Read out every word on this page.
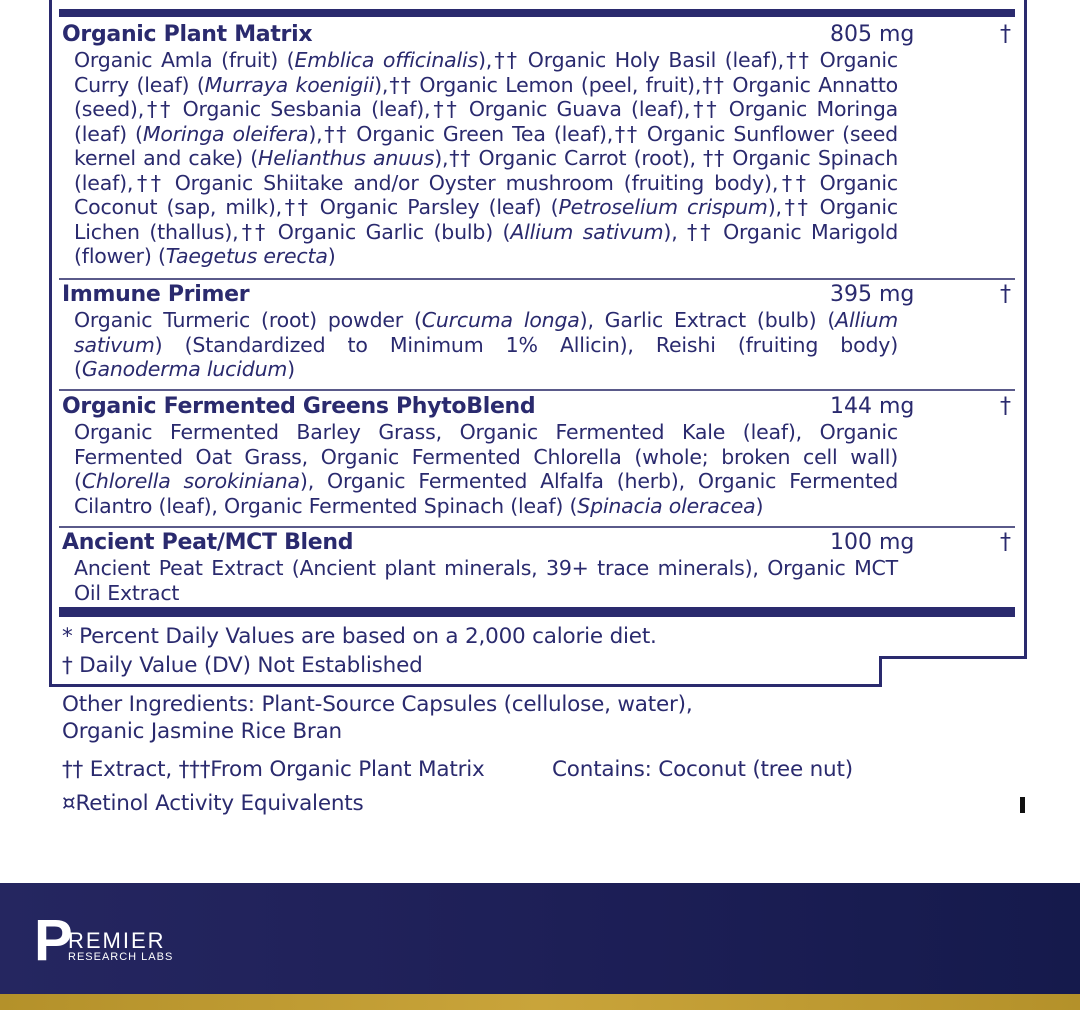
Organic Plant Matrix	805 mg	†

Organic Amla (fruit) (Emblica officinalis),†† Organic Holy Basil (leaf),†† Organic Curry (leaf) (Murraya koenigii),†† Organic Lemon (peel, fruit),†† Organic Annatto (seed),†† Organic Sesbania (leaf),†† Organic Guava (leaf),†† Organic Moringa (leaf) (Moringa oleifera),†† Organic Green Tea (leaf),†† Organic Sunflower (seed kernel and cake) (Helianthus anuus),†† Organic Carrot (root), †† Organic Spinach (leaf),†† Organic Shiitake and/or Oyster mushroom (fruiting body),†† Organic Coconut (sap, milk),†† Organic Parsley (leaf) (Petroselium crispum),†† Organic Lichen (thallus),†† Organic Garlic (bulb) (Allium sativum), †† Organic Marigold (flower) (Taegetus erecta)

Immune Primer	395 mg	†

Organic Turmeric (root) powder (Curcuma longa), Garlic Extract (bulb) (Allium sativum) (Standardized to Minimum 1% Allicin), Reishi (fruiting body) (Ganoderma lucidum)

Organic Fermented Greens PhytoBlend	144 mg	†

Organic Fermented Barley Grass, Organic Fermented Kale (leaf), Organic Fermented Oat Grass, Organic Fermented Chlorella (whole; broken cell wall) (Chlorella sorokiniana), Organic Fermented Alfalfa (herb), Organic Fermented Cilantro (leaf), Organic Fermented Spinach (leaf) (Spinacia oleracea)

Ancient Peat/MCT Blend	100 mg	†

Ancient Peat Extract (Ancient plant minerals, 39+ trace minerals), Organic MCT Oil Extract

* Percent Daily Values are based on a 2,000 calorie diet.
† Daily Value (DV) Not Established
Other Ingredients: Plant-Source Capsules (cellulose, water),
Organic Jasmine Rice Bran
†† Extract, †††From Organic Plant Matrix	Contains: Coconut (tree nut)
¤Retinol Activity Equivalents
P
REMIER
RESEARCH LABS
